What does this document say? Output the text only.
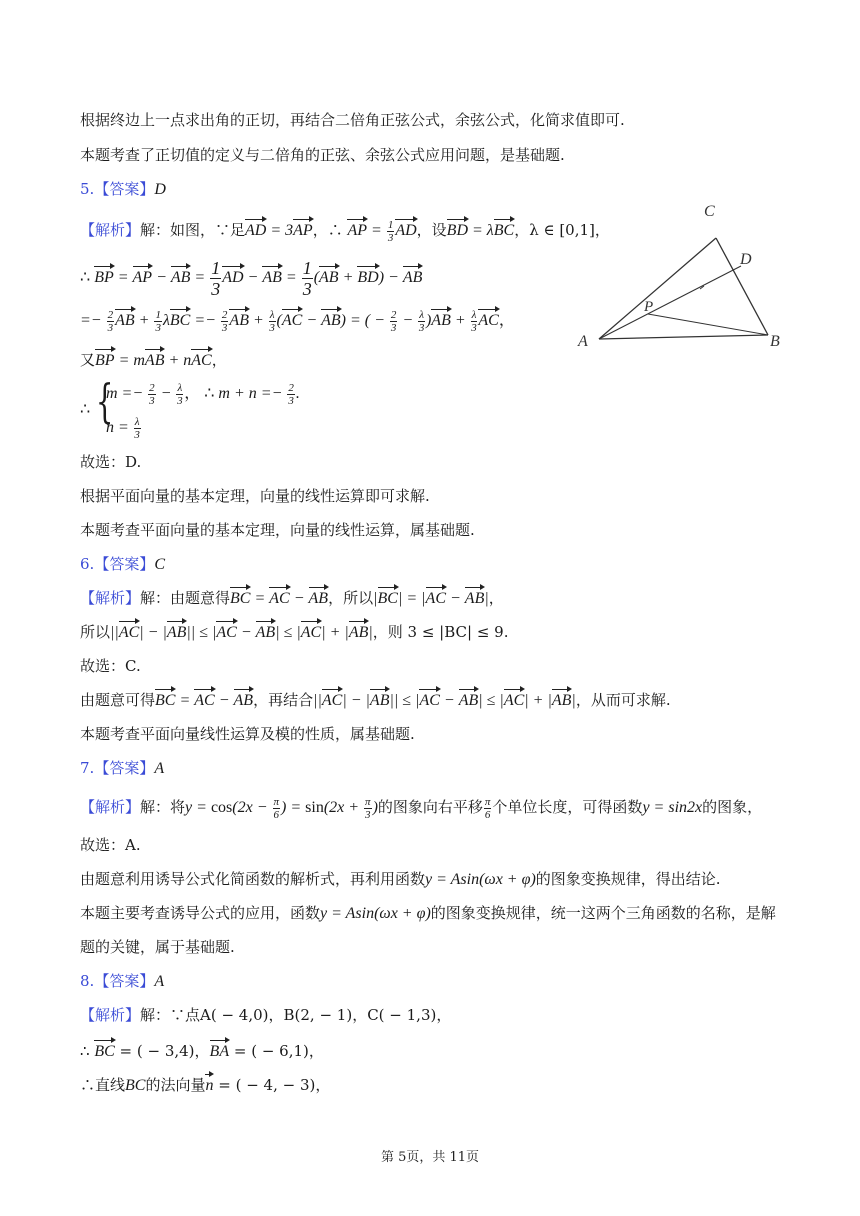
根据终边上一点求出角的正切，再结合二倍角正弦公式，余弦公式，化简求值即可.
本题考查了正切值的定义与二倍角的正弦、余弦公式应用问题，是基础题.
5.【答案】D
【解析】解：如图，∵足AD = 3AP，∴ AP = $\frac{1}{3}$ AD，设BD = λBC，λ ∈ [0,1]，
∴ BP = AP − AB = $\frac{1}{3}$ AD − AB = $\frac{1}{3} (AB + BD)$ − AB
=− $\frac{2}{3}$ AB + $\frac{1}{3}$ $\lambda BC =- \frac{2}{3}$ AB + $\frac{\lambda}{3} (AC - AB)$ = ( − $\frac{2}{3} - \frac{\lambda}{3} )AB + \frac{\lambda}{3}$ AC，
又BP = mAB + nAC，
∴ {
$m =- \frac{2}{3} - \frac{\lambda}{3}$ ， ∴ $m + n =- \frac{2}{3}$ .
$n = \frac{\lambda}{3}$
故选：D.
根据平面向量的基本定理，向量的线性运算即可求解.
本题考查平面向量的基本定理，向量的线性运算，属基础题.
C
D
P
A	B
6.【答案】C
【解析】解：由题意得BC = AC − AB，所以|BC| = |AC − AB|，
所以||AC| − |AB|| ≤ |AC − AB| ≤ |AC| + |AB|，则 3 ≤ |BC| ≤ 9.
故选：C.
由题意可得BC = AC − AB，再结合||AC| − |AB|| ≤ |AC − AB| ≤ |AC| + |AB|，从而可求解.
本题考查平面向量线性运算及模的性质，属基础题.
7.【答案】A
【解析】解：将$y = \cos(2x - \frac{\pi}{6}$ ) = $\sin(2x + \frac{\pi}{3}$ )的图象向右平移 $\frac{\pi}{6}$ 个单位长度，可得函数y = sin2x的图象，
故选：A.
由题意利用诱导公式化简函数的解析式，再利用函数y = Asin(ωx + φ)的图象变换规律，得出结论.
本题主要考查诱导公式的应用，函数y = Asin(ωx + φ)的图象变换规律，统一这两个三角函数的名称，是解
题的关键，属于基础题.
8.【答案】A
【解析】解：∵点A( − 4,0)，B(2, − 1)，C( − 1,3)，
∴ BC = ( − 3,4)，BA = ( − 6,1)，
∴直线BC的法向量n = ( − 4, − 3)，
第 5页，共 11页
